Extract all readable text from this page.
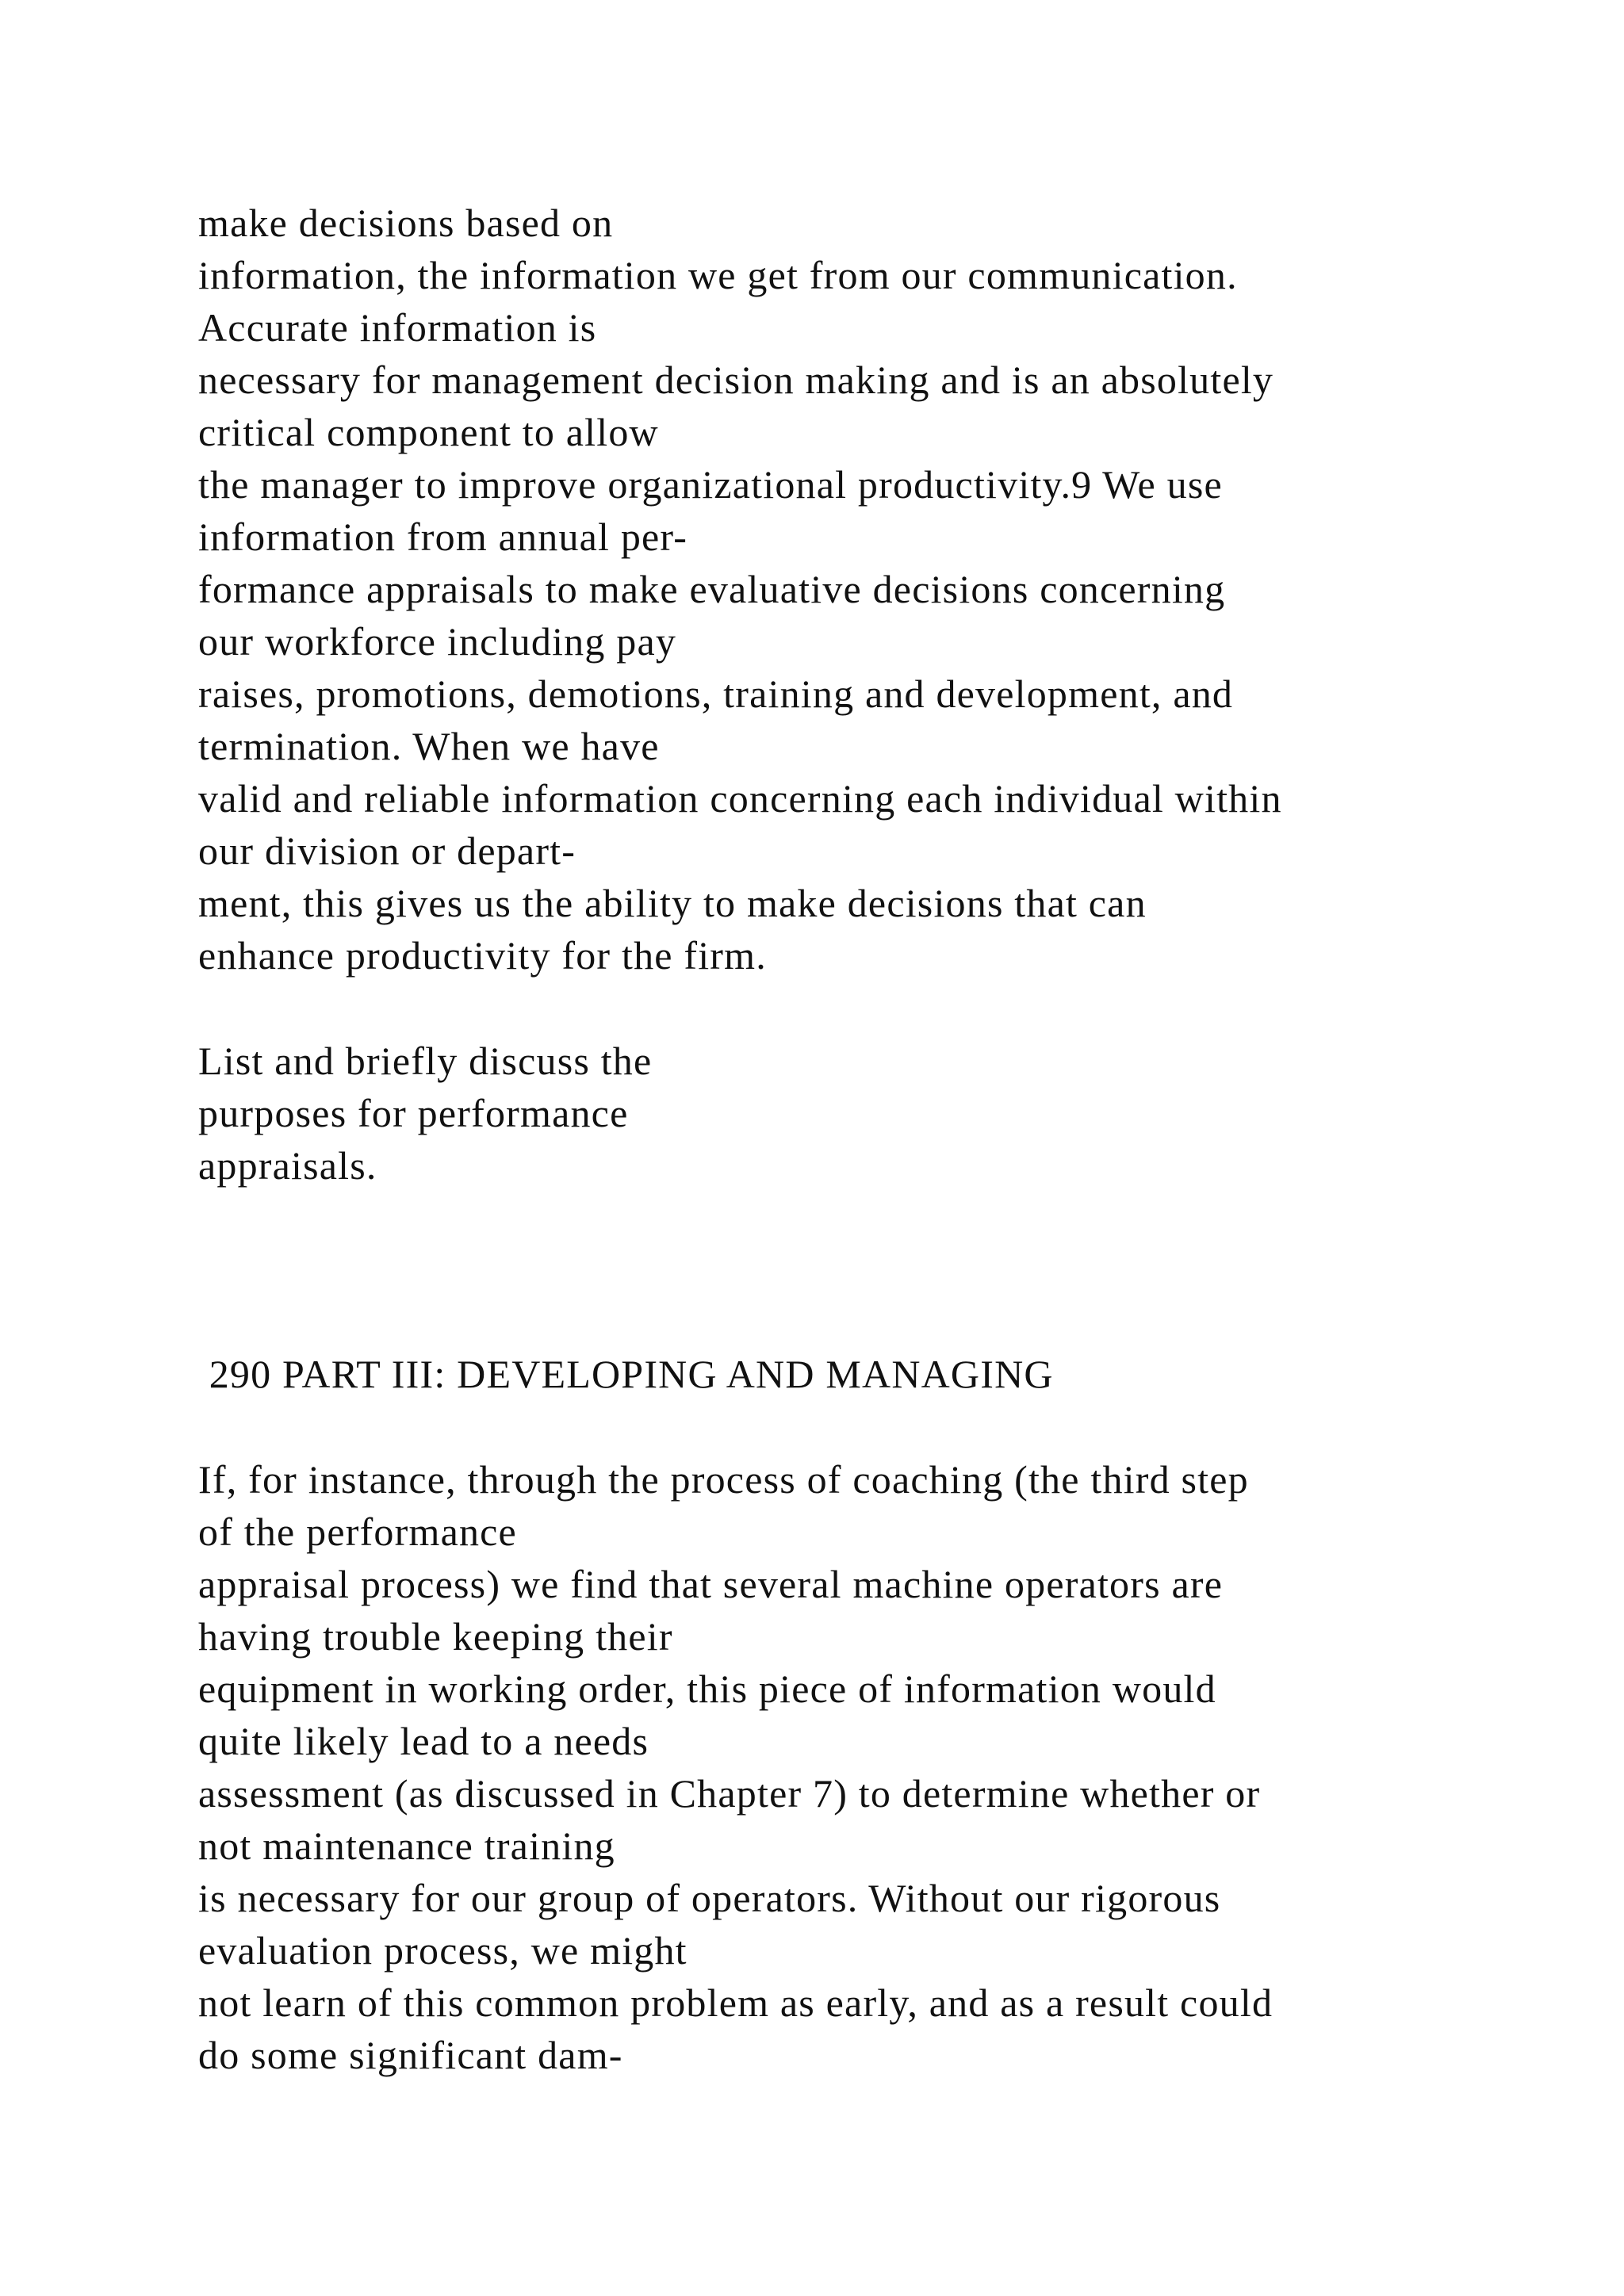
make decisions based on
information, the information we get from our communication.
Accurate information is
necessary for management decision making and is an absolutely
critical component to allow
the manager to improve organizational productivity.9 We use
information from annual per-
formance appraisals to make evaluative decisions concerning
our workforce including pay
raises, promotions, demotions, training and development, and
termination. When we have
valid and reliable information concerning each individual within
our division or depart-
ment, this gives us the ability to make decisions that can
enhance productivity for the firm.
List and briefly discuss the
purposes for performance
appraisals.
290 PART III: DEVELOPING AND MANAGING
If, for instance, through the process of coaching (the third step
of the performance
appraisal process) we find that several machine operators are
having trouble keeping their
equipment in working order, this piece of information would
quite likely lead to a needs
assessment (as discussed in Chapter 7) to determine whether or
not maintenance training
is necessary for our group of operators. Without our rigorous
evaluation process, we might
not learn of this common problem as early, and as a result could
do some significant dam-
